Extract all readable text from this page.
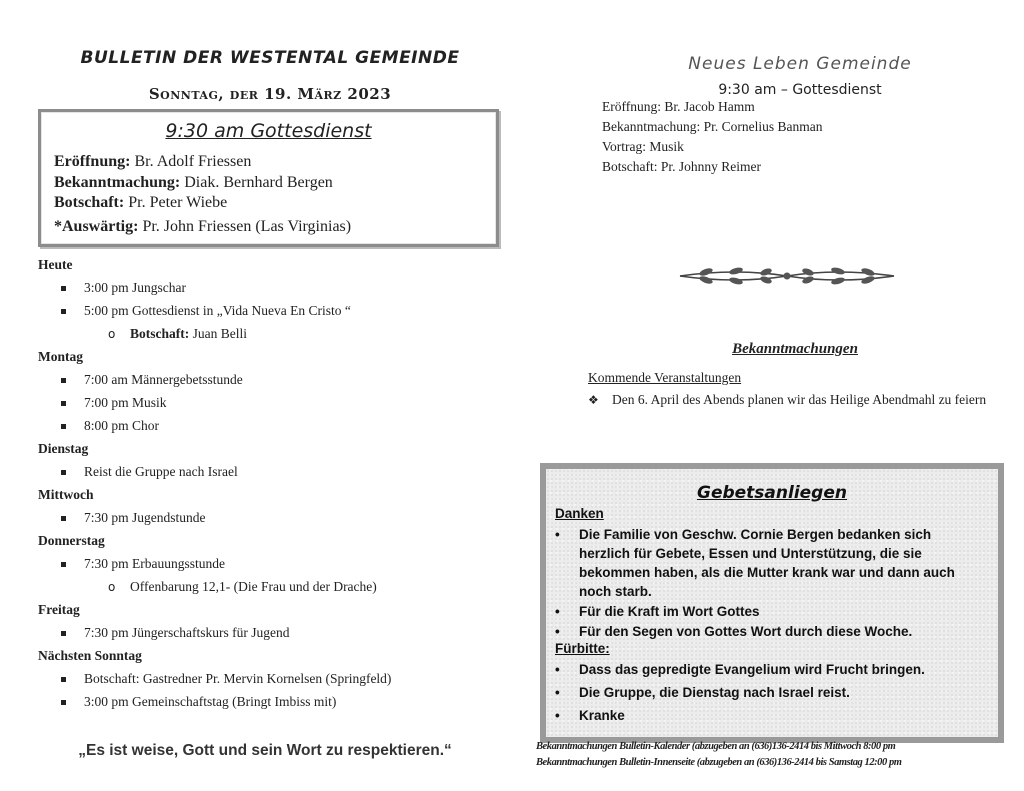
BULLETIN DER WESTENTAL GEMEINDE
Sonntag, der 19. März 2023
9:30 am Gottesdienst
Eröffnung: Br. Adolf Friessen
Bekanntmachung: Diak. Bernhard Bergen
Botschaft: Pr. Peter Wiebe
*Auswärtig: Pr. John Friessen (Las Virginias)
Heute
3:00 pm Jungschar
5:00 pm Gottesdienst in „Vida Nueva En Cristo “
o Botschaft: Juan Belli
Montag
7:00 am Männergebetsstunde
7:00 pm Musik
8:00 pm Chor
Dienstag
Reist die Gruppe nach Israel
Mittwoch
7:30 pm Jugendstunde
Donnerstag
7:30 pm Erbauungsstunde
o Offenbarung 12,1- (Die Frau und der Drache)
Freitag
7:30 pm Jüngerschaftskurs für Jugend
Nächsten Sonntag
Botschaft: Gastredner Pr. Mervin Kornelsen (Springfeld)
3:00 pm Gemeinschaftstag (Bringt Imbiss mit)
„Es ist weise, Gott und sein Wort zu respektieren.“
Neues Leben Gemeinde
9:30 am – Gottesdienst
Eröffnung: Br. Jacob Hamm
Bekanntmachung: Pr. Cornelius Banman
Vortrag: Musik
Botschaft: Pr. Johnny Reimer
Bekanntmachungen
Kommende Veranstaltungen
❖ Den 6. April des Abends planen wir das Heilige Abendmahl zu feiern
Gebetsanliegen
Danken
•	Die Familie von Geschw. Cornie Bergen bedanken sich herzlich für Gebete, Essen und Unterstützung, die sie bekommen haben, als die Mutter krank war und dann auch noch starb.
•	Für die Kraft im Wort Gottes
•	Für den Segen von Gottes Wort durch diese Woche.
Fürbitte:
•	Dass das gepredigte Evangelium wird Frucht bringen.
•	Die Gruppe, die Dienstag nach Israel reist.
•	Kranke
Bekanntmachungen Bulletin-Kalender (abzugeben an (636)136-2414 bis Mittwoch 8:00 pm
Bekanntmachungen Bulletin-Innenseite (abzugeben an (636)136-2414 bis Samstag 12:00 pm
